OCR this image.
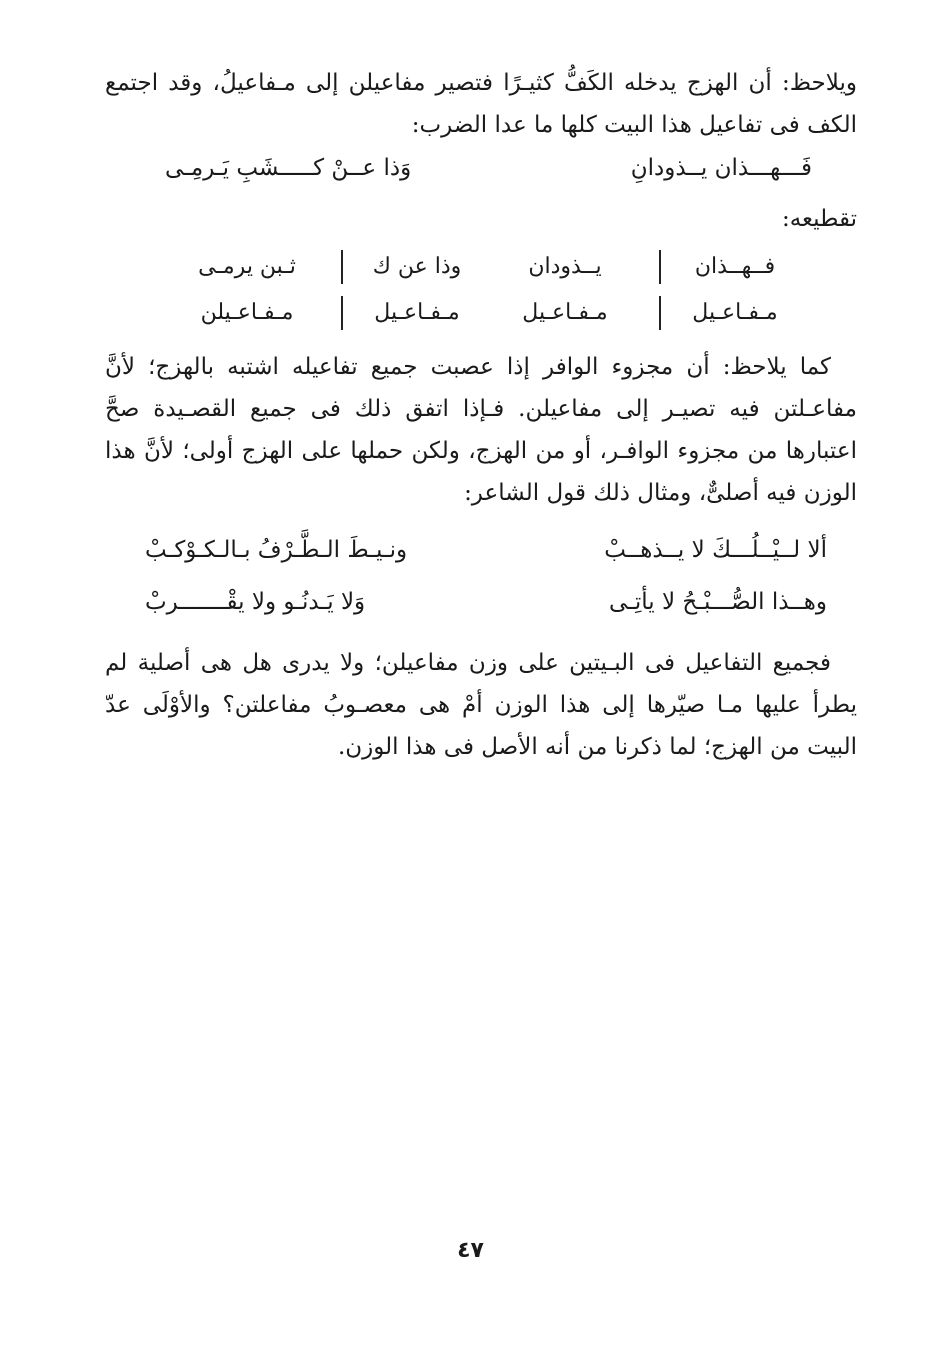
ويلاحظ: أن الهزج يدخله الكَفُّ كثيـرًا فتصير مفاعيلن إلى مـفاعيلُ، وقد اجتمع الكف فى تفاعيل هذا البيت كلها ما عدا الضرب:

فَـــهـــذان يــذودانِ
وَذا عــنْ كـــــشَبِ يَـرمِـى

تقطيعه:

فــهــذان
يــذودان
وذا عن ك
ثـبن يرمـى
مـفـاعـيل
مـفـاعـيل
مـفـاعـيل
مـفـاعـيلن

كما يلاحظ: أن مجزوء الوافر إذا عصبت جميع تفاعيله اشتبه بالهزج؛ لأنَّ مفاعـلتن فيه تصيـر إلى مفاعيلن. فـإذا اتفق ذلك فى جميع القصـيدة صحَّ اعتبارها من مجزوء الوافـر، أو من الهزج، ولكن حملها على الهزج أولى؛ لأنَّ هذا الوزن فيه أصلىٌّ، ومثال ذلك قول الشاعر:

ألا لــيْــلُـــكَ لا يــذهــبْ
ونـيـطَ الـطَّـرْفُ بـالـكـوْكـبْ
وهــذا الصُّـــبْـحُ لا يأتِـى
وَلا يَـدنُـو ولا يقْـــــــربْ

فجميع التفاعيل فى البـيتين على وزن مفاعيلن؛ ولا يدرى هل هى أصلية لم يطرأ عليها مـا صيّرها إلى هذا الوزن أمْ هى معصـوبُ مفاعلتن؟ والأوْلَى عدّ البيت من الهزج؛ لما ذكرنا من أنه الأصل فى هذا الوزن.

٤٧
